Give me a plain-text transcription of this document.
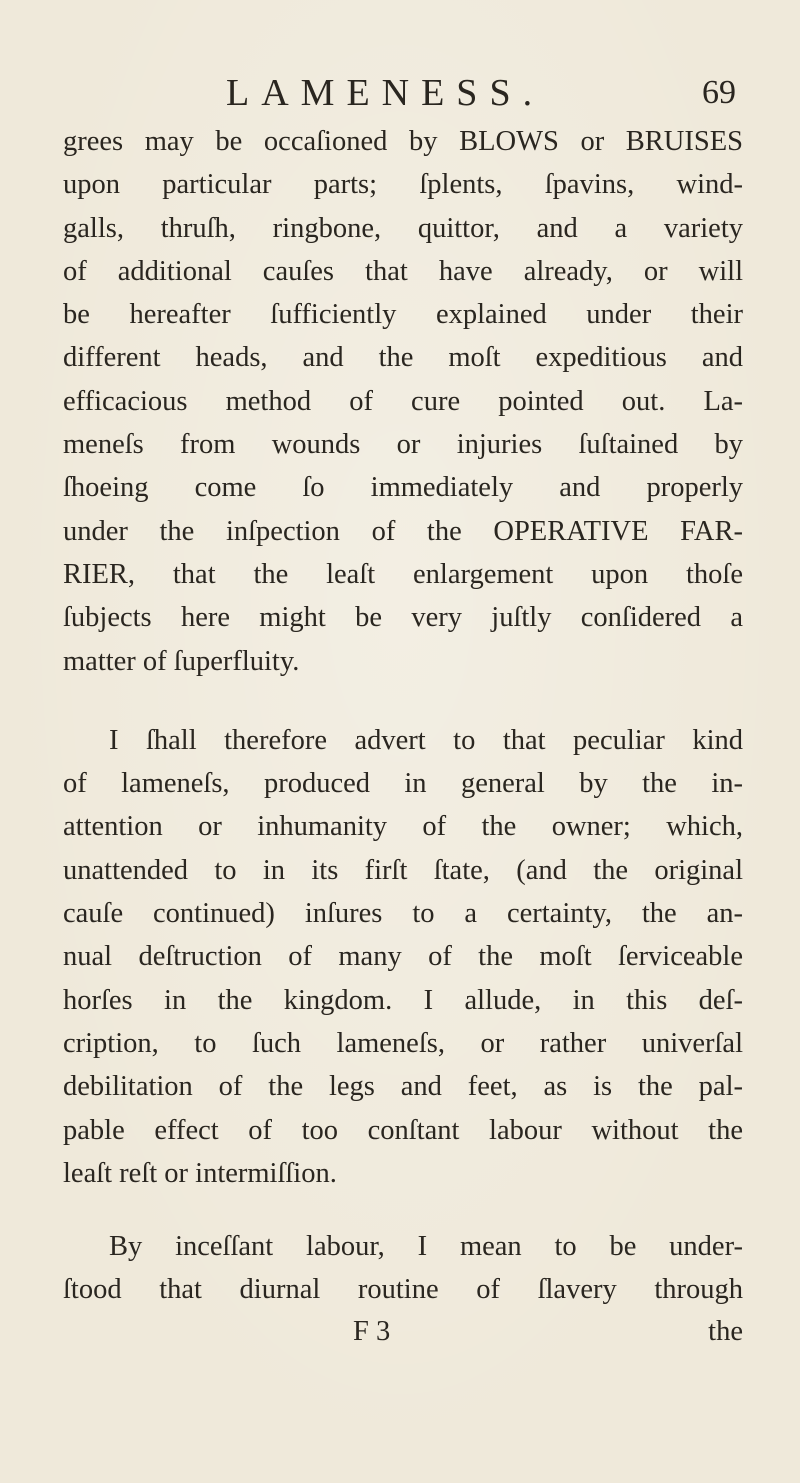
LAMENESS.	69
grees may be occaſioned by BLOWS or BRUISES
upon particular parts; ſplents, ſpavins, wind-
galls, thruſh, ringbone, quittor, and a variety
of additional cauſes that have already, or will
be hereafter ſufficiently explained under their
different heads, and the moſt expeditious and
efficacious method of cure pointed out. La-
meneſs from wounds or injuries ſuſtained by
ſhoeing come ſo immediately and properly
under the inſpection of the OPERATIVE FAR-
RIER, that the leaſt enlargement upon thoſe
ſubjects here might be very juſtly conſidered a
matter of ſuperfluity.
I ſhall therefore advert to that peculiar kind
of lameneſs, produced in general by the in-
attention or inhumanity of the owner; which,
unattended to in its firſt ſtate, (and the original
cauſe continued) inſures to a certainty, the an-
nual deſtruction of many of the moſt ſerviceable
horſes in the kingdom. I allude, in this deſ-
cription, to ſuch lameneſs, or rather univerſal
debilitation of the legs and feet, as is the pal-
pable effect of too conſtant labour without the
leaſt reſt or intermiſſion.
By inceſſant labour, I mean to be under-
ſtood that diurnal routine of ſlavery through
F 3	the
